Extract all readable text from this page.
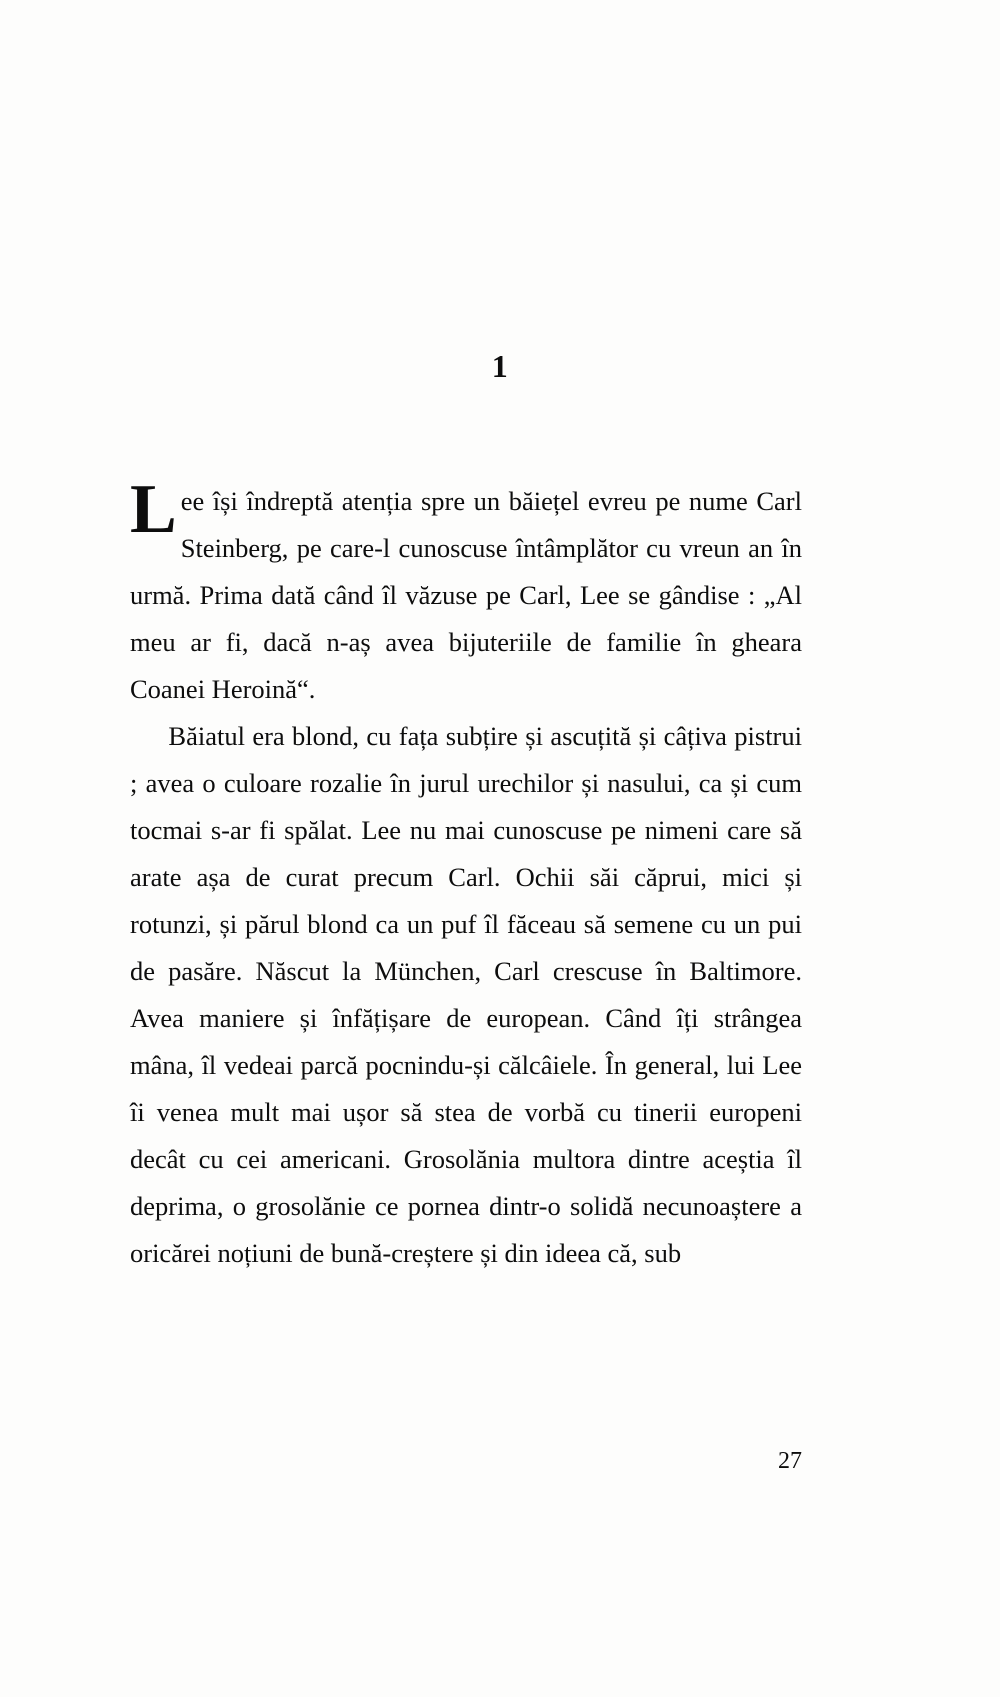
1

Lee își îndreptă atenția spre un băiețel evreu pe nume Carl Steinberg, pe care-l cunoscuse întâmplător cu vreun an în urmă. Prima dată când îl văzuse pe Carl, Lee se gândise : „Al meu ar fi, dacă n-aș avea bijuteriile de familie în gheara Coanei Heroină“.

Băiatul era blond, cu fața subțire și ascuțită și câțiva pistrui ; avea o culoare rozalie în jurul urechilor și nasului, ca și cum tocmai s-ar fi spălat. Lee nu mai cunoscuse pe nimeni care să arate așa de curat precum Carl. Ochii săi căprui, mici și rotunzi, și părul blond ca un puf îl făceau să semene cu un pui de pasăre. Născut la München, Carl crescuse în Baltimore. Avea maniere și înfățișare de european. Când îți strângea mâna, îl vedeai parcă pocnindu-și călcâiele. În general, lui Lee îi venea mult mai ușor să stea de vorbă cu tinerii europeni decât cu cei americani. Grosolănia multora dintre aceștia îl deprima, o grosolănie ce pornea dintr-o solidă necunoaștere a oricărei noțiuni de bună-creștere și din ideea că, sub

27
